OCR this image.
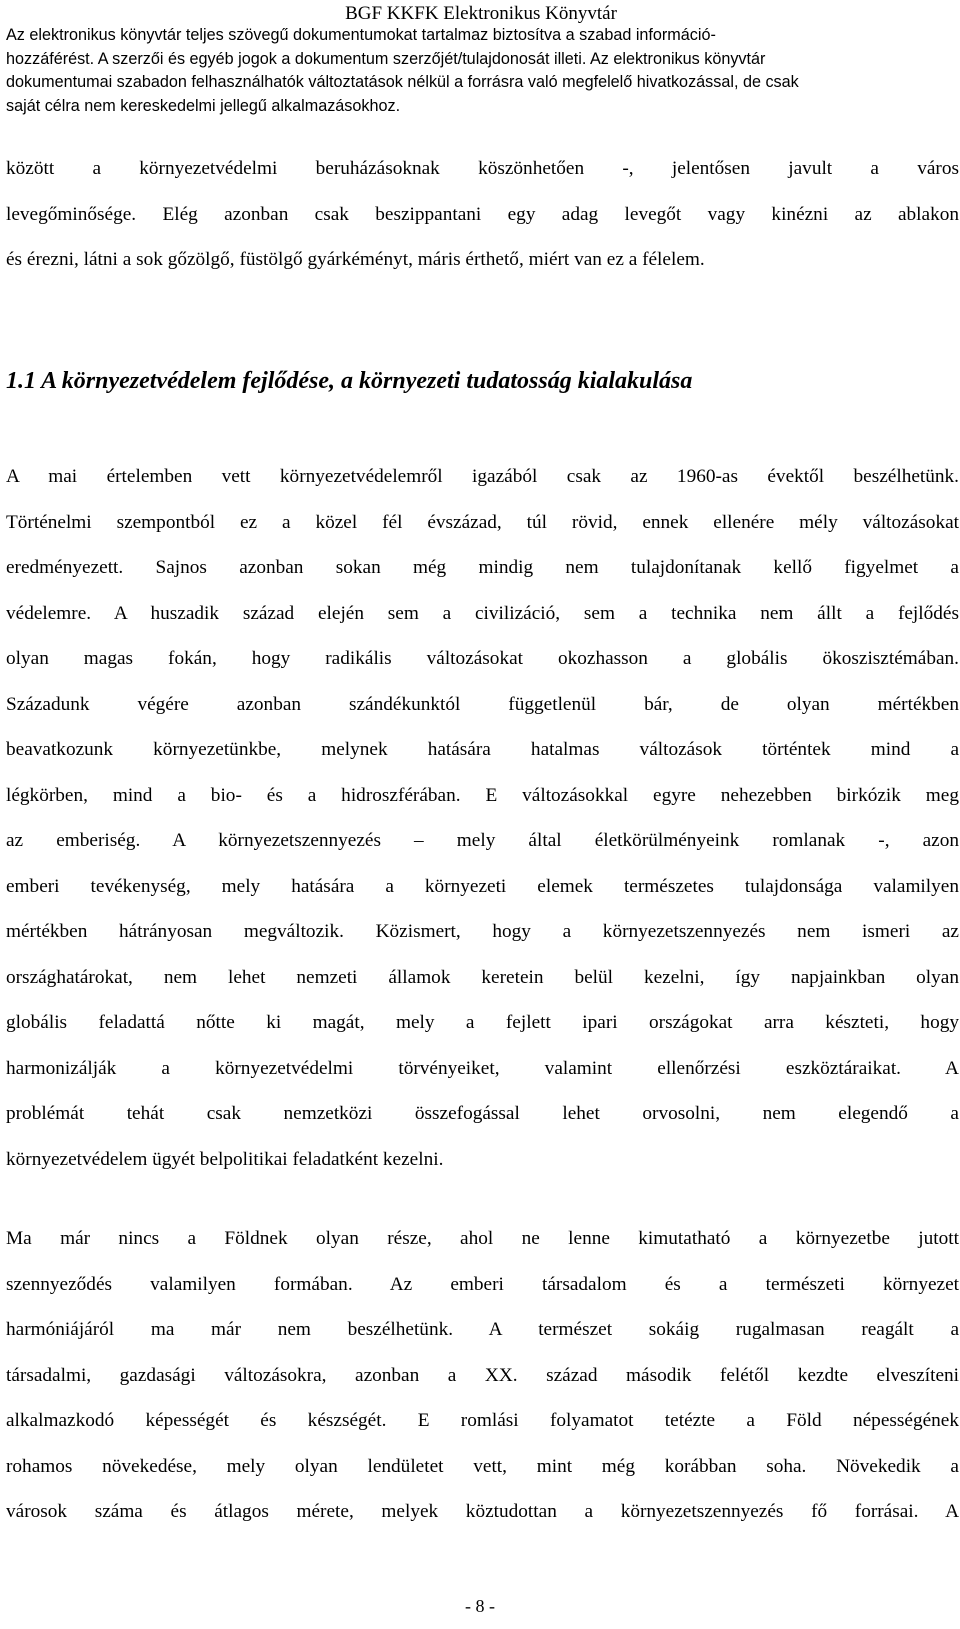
BGF KKFK Elektronikus Könyvtár

Az elektronikus könyvtár teljes szövegű dokumentumokat tartalmaz biztosítva a szabad információ-

hozzáférést. A szerzői és egyéb jogok a dokumentum szerzőjét/tulajdonosát illeti. Az elektronikus könyvtár

dokumentumai szabadon felhasználhatók változtatások nélkül a forrásra való megfelelő hivatkozással, de csak

saját célra nem kereskedelmi jellegű alkalmazásokhoz.

között a környezetvédelmi beruházásoknak köszönhetően -, jelentősen javult a város
levegőminősége. Elég azonban csak beszippantani egy adag levegőt vagy kinézni az ablakon
és érezni, látni a sok gőzölgő, füstölgő gyárkéményt, máris érthető, miért van ez a félelem.
1.1 A környezetvédelem fejlődése, a környezeti tudatosság kialakulása
A mai értelemben vett környezetvédelemről igazából csak az 1960-as évektől beszélhetünk.
Történelmi szempontból ez a közel fél évszázad, túl rövid, ennek ellenére mély változásokat
eredményezett. Sajnos azonban sokan még mindig nem tulajdonítanak kellő figyelmet a
védelemre. A huszadik század elején sem a civilizáció, sem a technika nem állt a fejlődés
olyan magas fokán, hogy radikális változásokat okozhasson a globális ökoszisztémában.
Századunk végére azonban szándékunktól függetlenül bár, de olyan mértékben
beavatkozunk környezetünkbe, melynek hatására hatalmas változások történtek mind a
légkörben, mind a bio- és a hidroszférában. E változásokkal egyre nehezebben birkózik meg
az emberiség. A környezetszennyezés – mely által életkörülményeink romlanak -, azon
emberi tevékenység, mely hatására a környezeti elemek természetes tulajdonsága valamilyen
mértékben hátrányosan megváltozik. Közismert, hogy a környezetszennyezés nem ismeri az
országhatárokat, nem lehet nemzeti államok keretein belül kezelni, így napjainkban olyan
globális feladattá nőtte ki magát, mely a fejlett ipari országokat arra készteti, hogy
harmonizálják a környezetvédelmi törvényeiket, valamint ellenőrzési eszköztáraikat. A
problémát tehát csak nemzetközi összefogással lehet orvosolni, nem elegendő a
környezetvédelem ügyét belpolitikai feladatként kezelni.
Ma már nincs a Földnek olyan része, ahol ne lenne kimutatható a környezetbe jutott
szennyeződés valamilyen formában. Az emberi társadalom és a természeti környezet
harmóniájáról ma már nem beszélhetünk. A természet sokáig rugalmasan reagált a
társadalmi, gazdasági változásokra, azonban a XX. század második felétől kezdte elveszíteni
alkalmazkodó képességét és készségét. E romlási folyamatot tetézte a Föld népességének
rohamos növekedése, mely olyan lendületet vett, mint még korábban soha. Növekedik a
városok száma és átlagos mérete, melyek köztudottan a környezetszennyezés fő forrásai. A

- 8 -
